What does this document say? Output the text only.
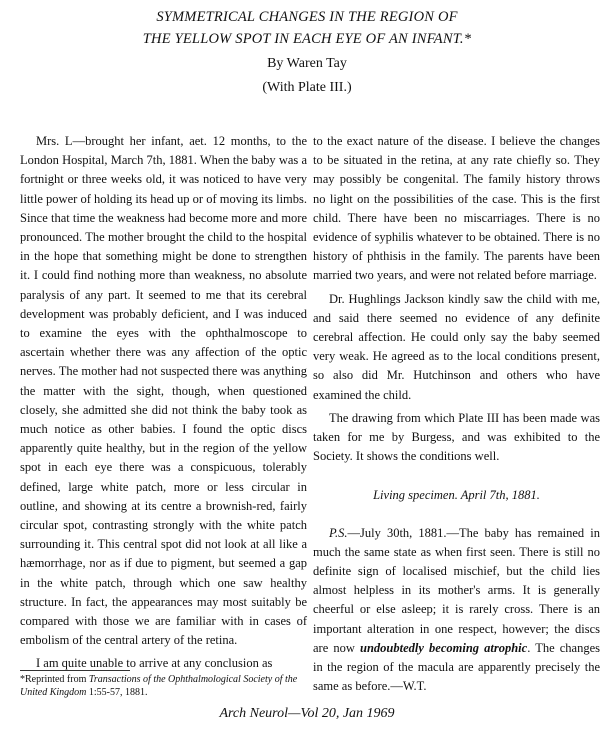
SYMMETRICAL CHANGES IN THE REGION OF
THE YELLOW SPOT IN EACH EYE OF AN INFANT.*
By Waren Tay
(With Plate III.)

Mrs. L—brought her infant, aet. 12 months, to the London Hospital, March 7th, 1881. When the baby was a fortnight or three weeks old, it was noticed to have very little power of holding its head up or of moving its limbs. Since that time the weakness had become more and more pronounced. The mother brought the child to the hospital in the hope that something might be done to strengthen it. I could find nothing more than weakness, no absolute paralysis of any part. It seemed to me that its cerebral development was probably deficient, and I was induced to examine the eyes with the ophthalmoscope to ascertain whether there was any affection of the optic nerves. The mother had not suspected there was anything the matter with the sight, though, when questioned closely, she admitted she did not think the baby took as much notice as other babies. I found the optic discs apparently quite healthy, but in the region of the yellow spot in each eye there was a conspicuous, tolerably defined, large white patch, more or less circular in outline, and showing at its centre a brownish-red, fairly circular spot, contrasting strongly with the white patch surrounding it. This central spot did not look at all like a hæmorrhage, nor as if due to pigment, but seemed a gap in the white patch, through which one saw healthy structure. In fact, the appearances may most suitably be compared with those we are familiar with in cases of embolism of the central artery of the retina.

I am quite unable to arrive at any conclusion as

to the exact nature of the disease. I believe the changes to be situated in the retina, at any rate chiefly so. They may possibly be congenital. The family history throws no light on the possibilities of the case. This is the first child. There have been no miscarriages. There is no evidence of syphilis whatever to be obtained. There is no history of phthisis in the family. The parents have been married two years, and were not related before marriage.

Dr. Hughlings Jackson kindly saw the child with me, and said there seemed no evidence of any definite cerebral affection. He could only say the baby seemed very weak. He agreed as to the local conditions present, so also did Mr. Hutchinson and others who have examined the child.

The drawing from which Plate III has been made was taken for me by Burgess, and was exhibited to the Society. It shows the conditions well.

Living specimen. April 7th, 1881.

P.S.—July 30th, 1881.—The baby has remained in much the same state as when first seen. There is still no definite sign of localised mischief, but the child lies almost helpless in its mother's arms. It is generally cheerful or else asleep; it is rarely cross. There is an important alteration in one respect, however; the discs are now undoubtedly becoming atrophic. The changes in the region of the macula are apparently precisely the same as before.—W.T.

*Reprinted from Transactions of the Ophthalmological Society of the United Kingdom 1:55-57, 1881.
Arch Neurol—Vol 20, Jan 1969
